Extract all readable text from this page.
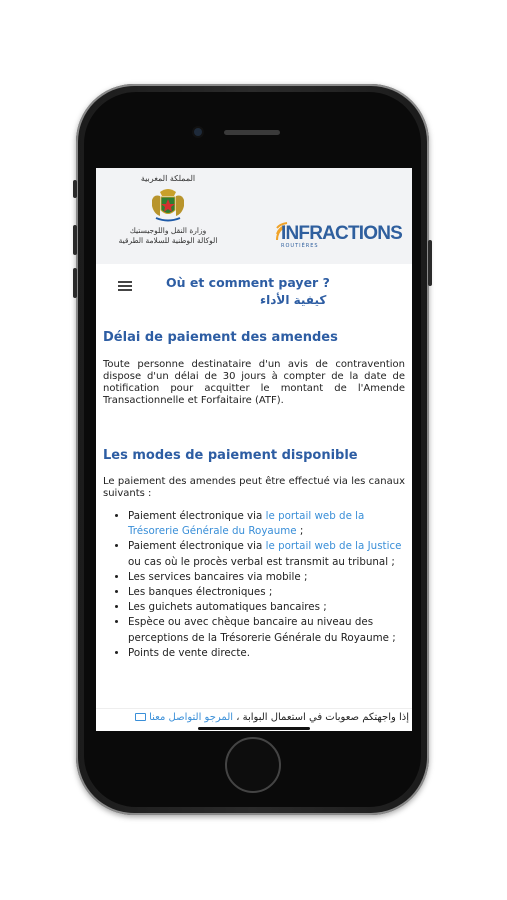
المملكة المغربية
وزارة النقل واللوجيستيك
الوكالة الوطنية للسلامة الطرقية	INFRACTIONS
ROUTIÈRES
Où et comment payer ?
كيفية الأداء
Délai de paiement des amendes
Toute personne destinataire d'un avis de contravention dispose d'un délai de 30 jours à compter de la date de notification pour acquitter le montant de l'Amende Transactionnelle et Forfaitaire (ATF).
Les modes de paiement disponible
Le paiement des amendes peut être effectué via les canaux suivants :
• Paiement électronique via le portail web de la Trésorerie Générale du Royaume ;
• Paiement électronique via le portail web de la Justice ou cas où le procès verbal est transmit au tribunal ;
• Les services bancaires via mobile ;
• Les banques électroniques ;
• Les guichets automatiques bancaires ;
• Espèce ou avec chèque bancaire au niveau des perceptions de la Trésorerie Générale du Royaume ;
• Points de vente directe.
إذا واجهتكم صعوبات في استعمال البوابة ، المرجو التواصل معنا
